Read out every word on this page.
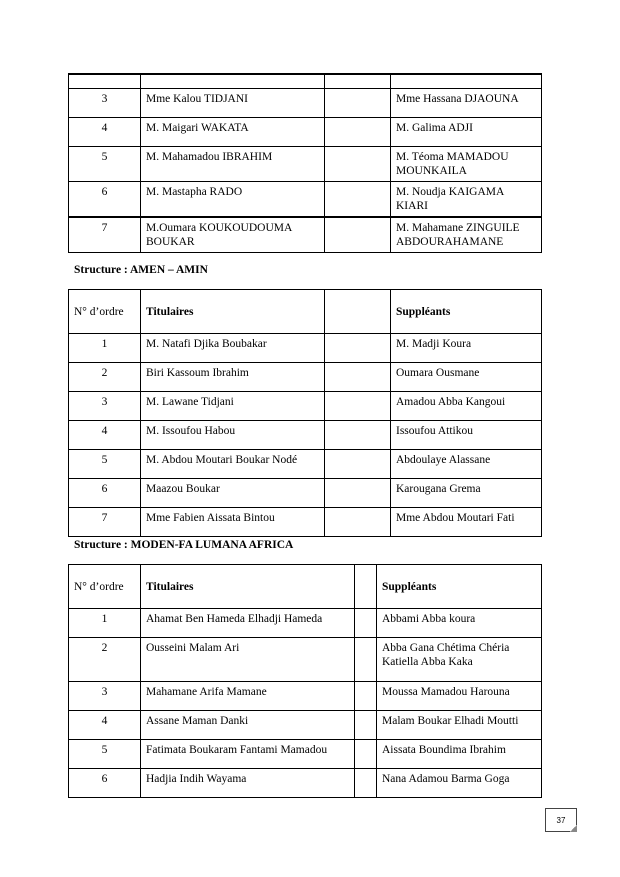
3	Mme Kalou TIDJANI		Mme Hassana DJAOUNA
4	M. Maigari WAKATA		M. Galima ADJI
5	M. Mahamadou IBRAHIM		M. Téoma MAMADOU MOUNKAILA
6	M. Mastapha RADO		M. Noudja KAIGAMA KIARI
7	M.Oumara KOUKOUDOUMA BOUKAR		M. Mahamane ZINGUILE ABDOURAHAMANE
Structure : AMEN – AMIN
N° d’ordre	Titulaires		Suppléants
1	M. Natafi Djika Boubakar		M. Madji Koura
2	Biri Kassoum Ibrahim		Oumara Ousmane
3	M. Lawane Tidjani		Amadou Abba Kangoui
4	M. Issoufou Habou		Issoufou Attikou
5	M. Abdou Moutari Boukar Nodé		Abdoulaye Alassane
6	Maazou Boukar		Karougana Grema
7	Mme Fabien Aissata Bintou		Mme Abdou Moutari Fati
Structure : MODEN-FA LUMANA AFRICA
N° d’ordre	Titulaires		Suppléants
1	Ahamat Ben Hameda Elhadji Hameda		Abbami Abba koura
2	Ousseini Malam Ari		Abba Gana Chétima Chéria Katiella Abba Kaka
3	Mahamane Arifa Mamane		Moussa Mamadou Harouna
4	Assane Maman Danki		Malam Boukar Elhadi Moutti
5	Fatimata Boukaram Fantami Mamadou		Aissata Boundima Ibrahim
6	Hadjia Indih Wayama		Nana Adamou Barma Goga
37
